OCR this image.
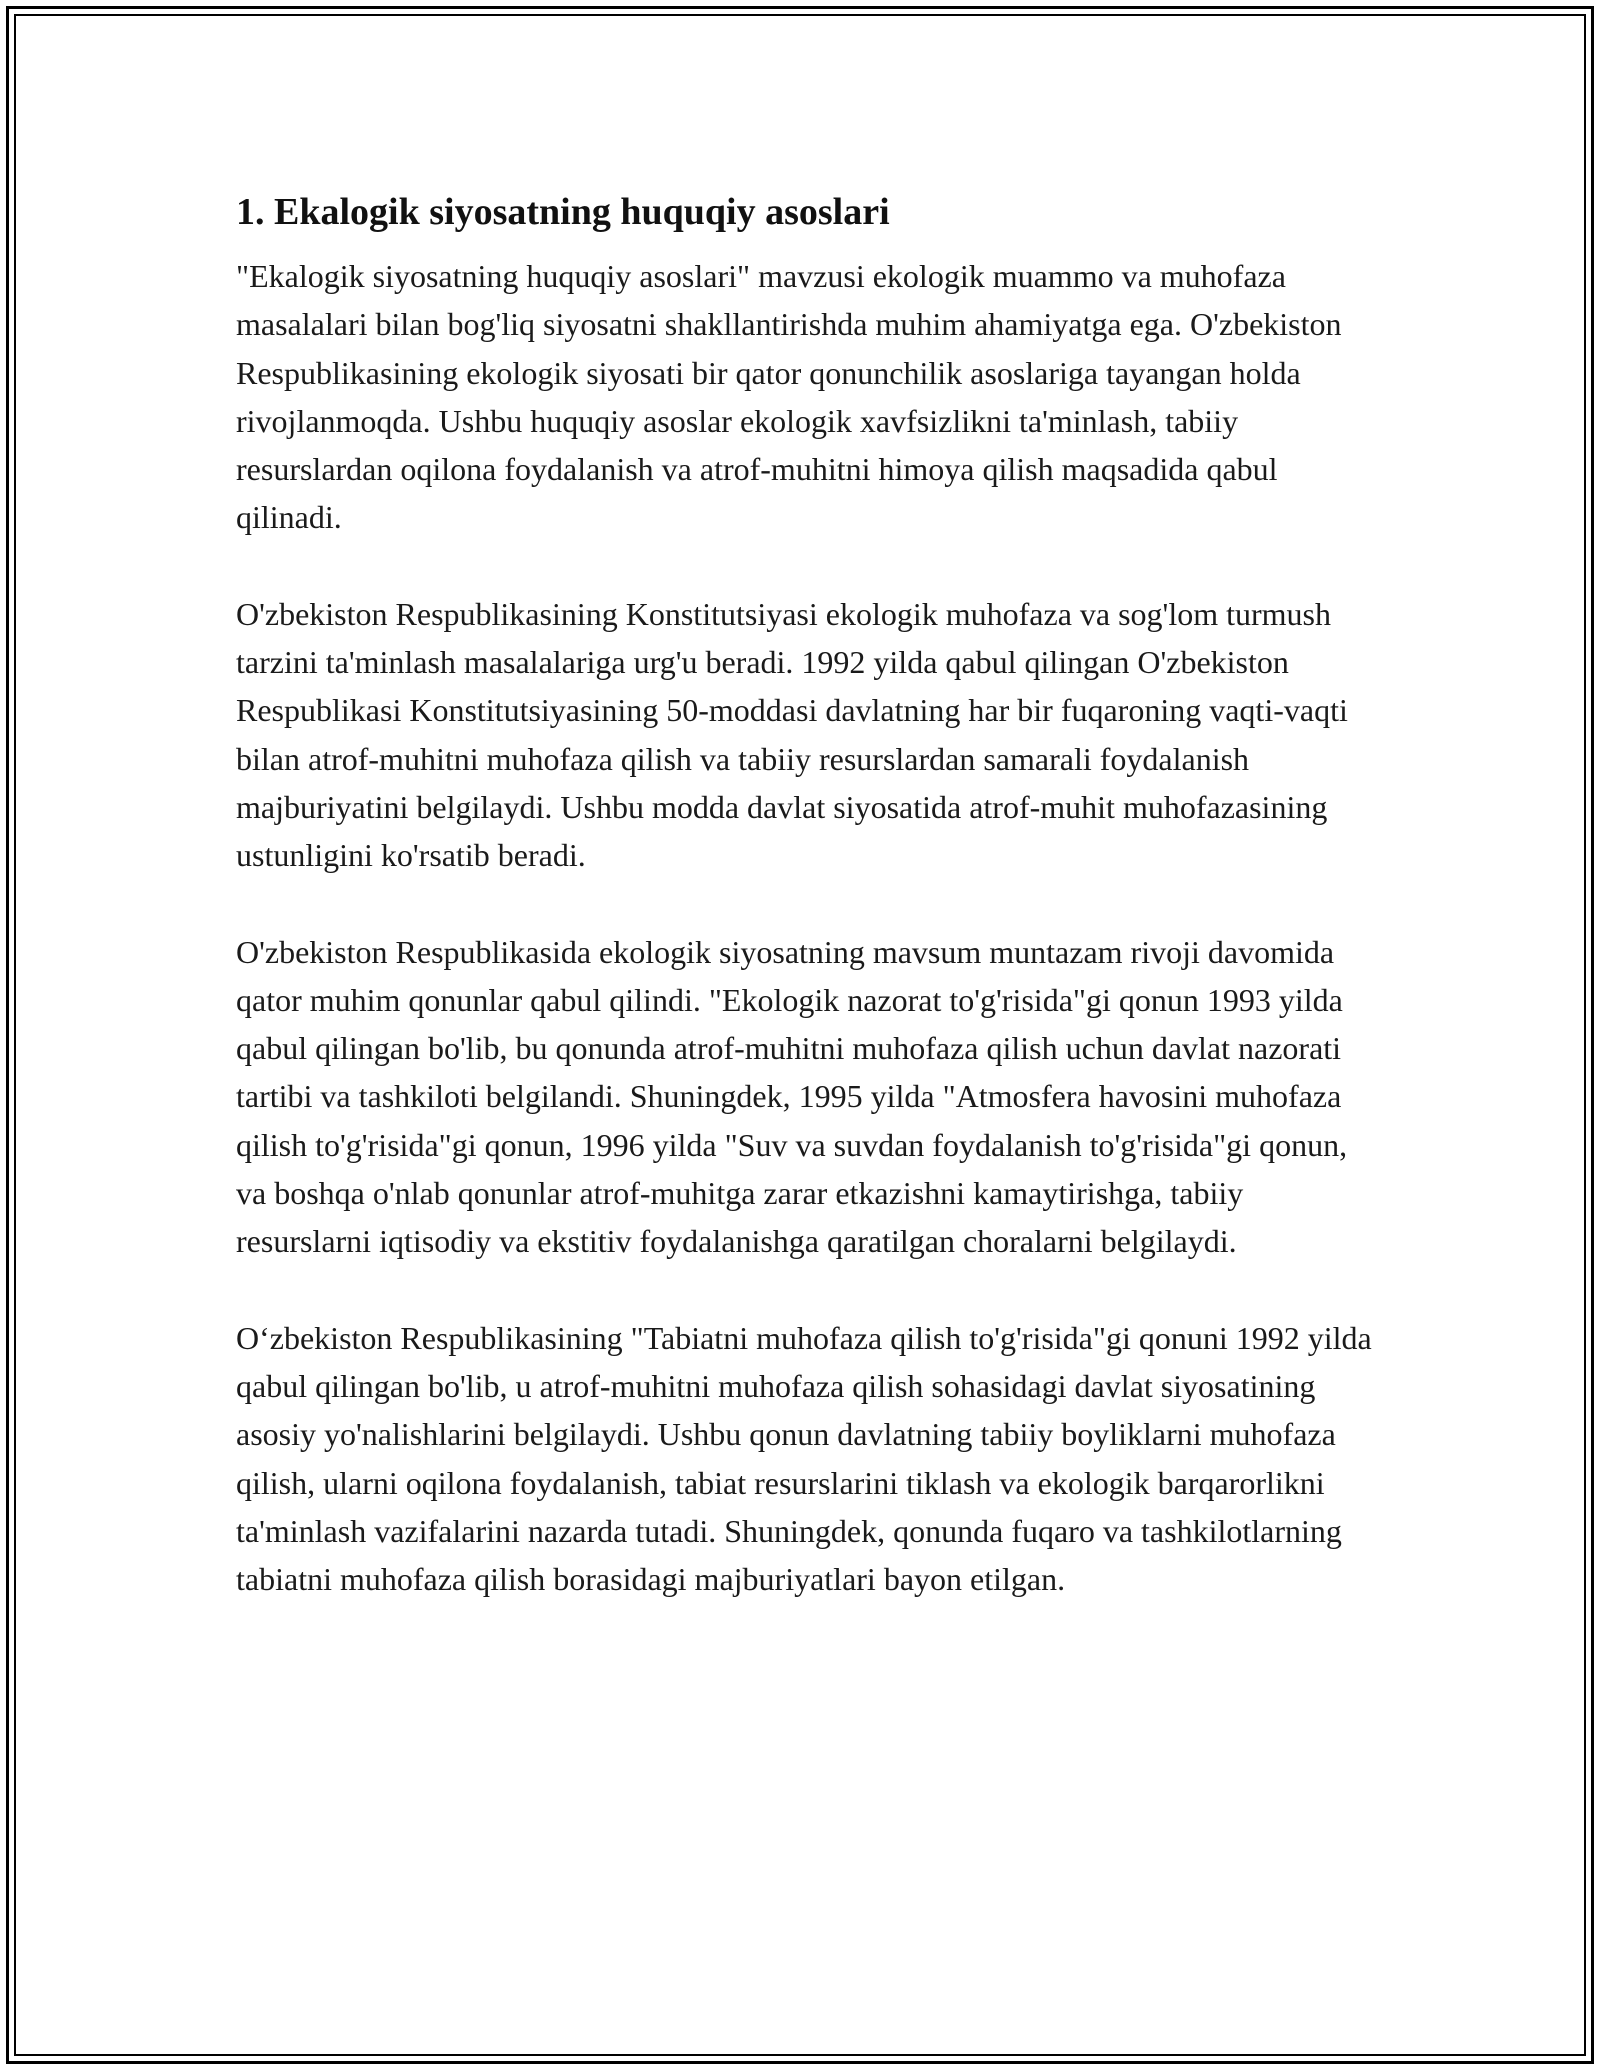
1. Ekalogik siyosatning huquqiy asoslari

"Ekalogik siyosatning huquqiy asoslari" mavzusi ekologik muammo va muhofaza masalalari bilan bog'liq siyosatni shakllantirishda muhim ahamiyatga ega. O'zbekiston Respublikasining ekologik siyosati bir qator qonunchilik asoslariga tayangan holda rivojlanmoqda. Ushbu huquqiy asoslar ekologik xavfsizlikni ta'minlash, tabiiy resurslardan oqilona foydalanish va atrof-muhitni himoya qilish maqsadida qabul qilinadi.

O'zbekiston Respublikasining Konstitutsiyasi ekologik muhofaza va sog'lom turmush tarzini ta'minlash masalalariga urg'u beradi. 1992 yilda qabul qilingan O'zbekiston Respublikasi Konstitutsiyasining 50-moddasi davlatning har bir fuqaroning vaqti-vaqti bilan atrof-muhitni muhofaza qilish va tabiiy resurslardan samarali foydalanish majburiyatini belgilaydi. Ushbu modda davlat siyosatida atrof-muhit muhofazasining ustunligini ko'rsatib beradi.

O'zbekiston Respublikasida ekologik siyosatning mavsum muntazam rivoji davomida qator muhim qonunlar qabul qilindi. "Ekologik nazorat to'g'risida"gi qonun 1993 yilda qabul qilingan bo'lib, bu qonunda atrof-muhitni muhofaza qilish uchun davlat nazorati tartibi va tashkiloti belgilandi. Shuningdek, 1995 yilda "Atmosfera havosini muhofaza qilish to'g'risida"gi qonun, 1996 yilda "Suv va suvdan foydalanish to'g'risida"gi qonun, va boshqa o'nlab qonunlar atrof-muhitga zarar etkazishni kamaytirishga, tabiiy resurslarni iqtisodiy va ekstitiv foydalanishga qaratilgan choralarni belgilaydi.

O‘zbekiston Respublikasining "Tabiatni muhofaza qilish to'g'risida"gi qonuni 1992 yilda qabul qilingan bo'lib, u atrof-muhitni muhofaza qilish sohasidagi davlat siyosatining asosiy yo'nalishlarini belgilaydi. Ushbu qonun davlatning tabiiy boyliklarni muhofaza qilish, ularni oqilona foydalanish, tabiat resurslarini tiklash va ekologik barqarorlikni ta'minlash vazifalarini nazarda tutadi. Shuningdek, qonunda fuqaro va tashkilotlarning tabiatni muhofaza qilish borasidagi majburiyatlari bayon etilgan.
